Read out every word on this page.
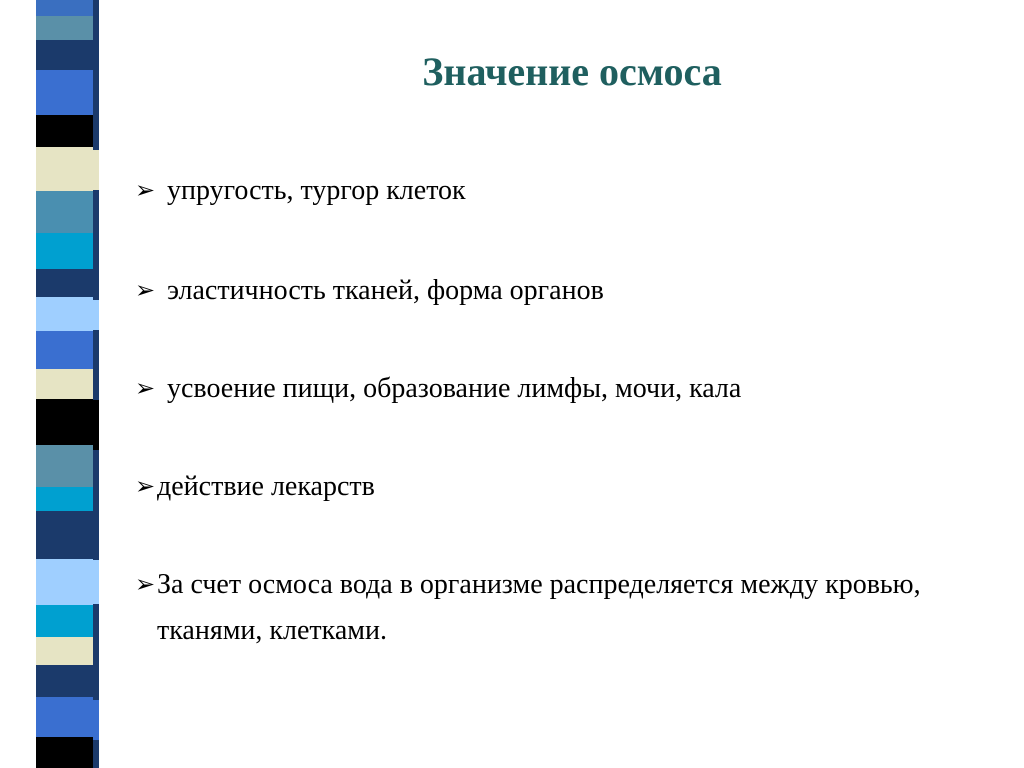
Значение осмоса
➢ упругость, тургор клеток
➢ эластичность тканей, форма органов
➢ усвоение пищи, образование лимфы, мочи, кала
➢ действие лекарств
➢ За счет осмоса вода в организме распределяется между кровью, тканями, клетками.
